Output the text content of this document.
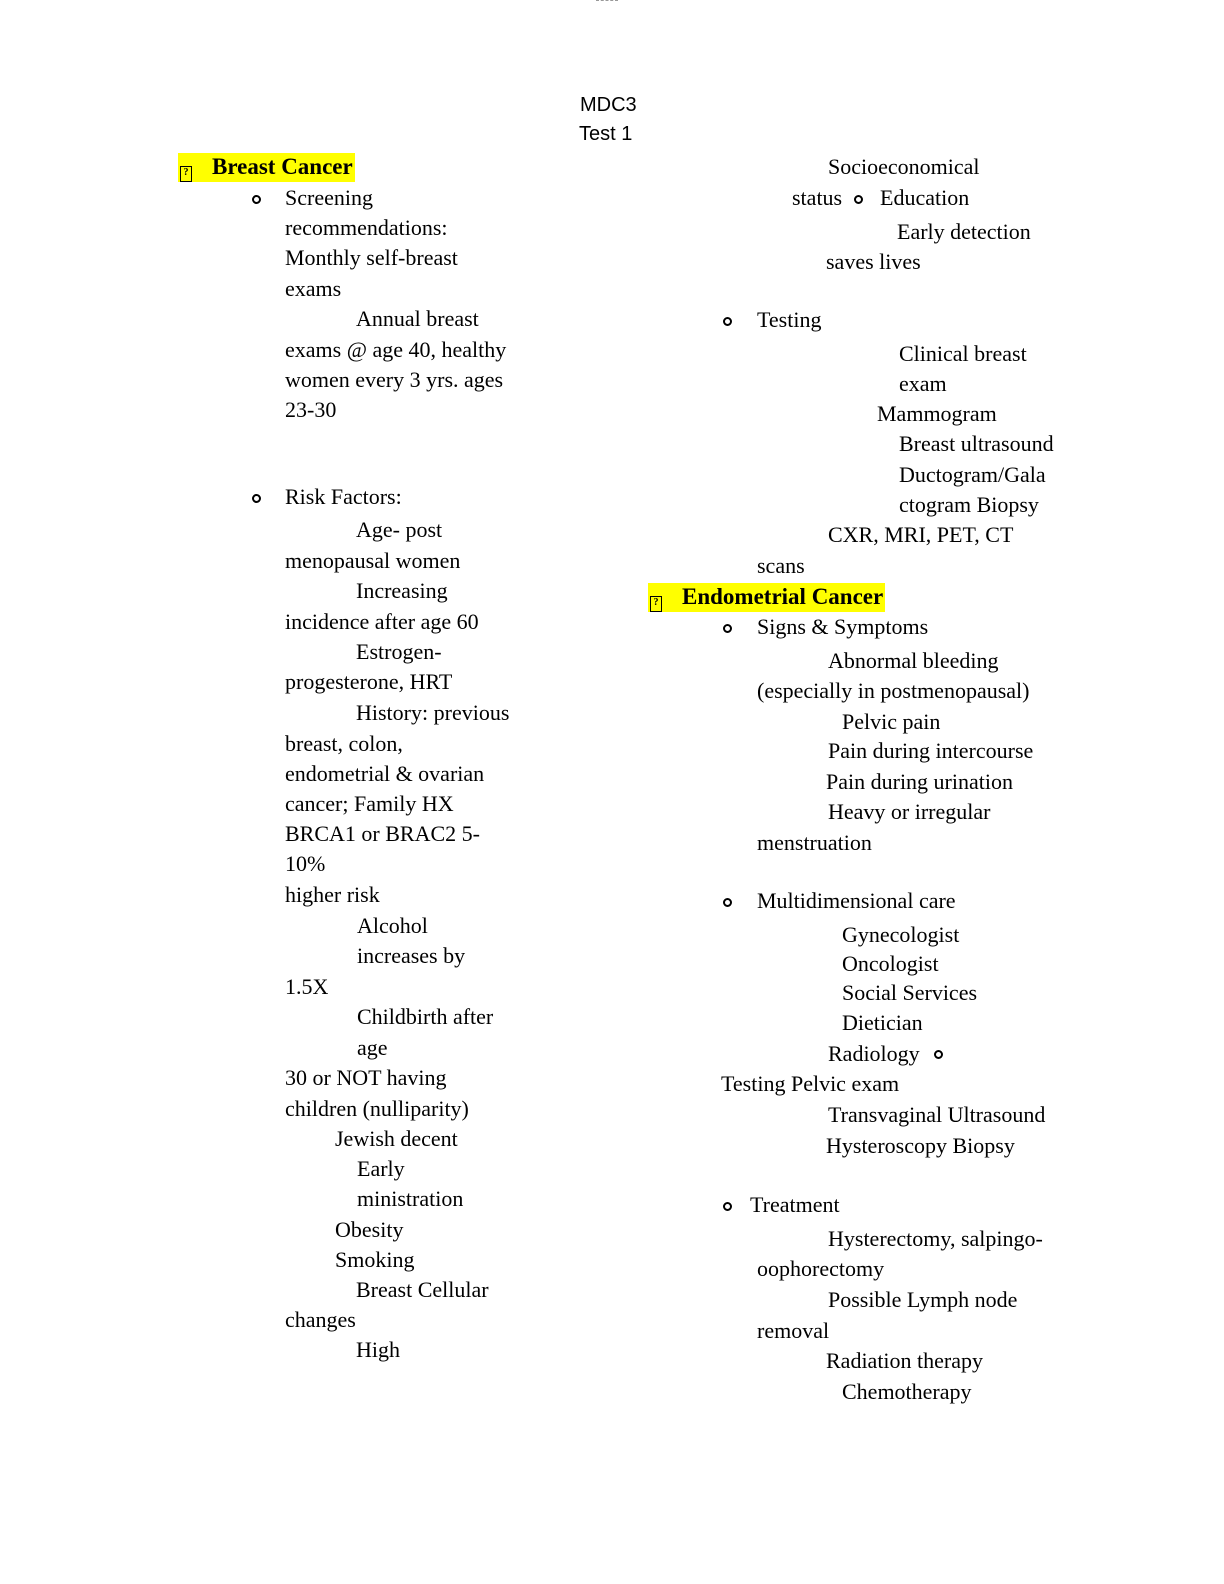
MDC3
Test 1
? Breast Cancer
Screening
recommendations:
Monthly self-breast
exams
Annual breast
exams @ age 40, healthy
women every 3 yrs. ages
23-30
Risk Factors:
Age- post
menopausal women
Increasing
incidence after age 60
Estrogen-
progesterone, HRT
History: previous
breast, colon,
endometrial & ovarian
cancer; Family HX
BRCA1 or BRAC2 5-
10%
higher risk
Alcohol
increases by
1.5X
Childbirth after
age
30 or NOT having
children (nulliparity)
Jewish decent
Early
ministration
Obesity
Smoking
Breast Cellular
changes
High
Socioeconomical
status Education
Early detection
saves lives
Testing
Clinical breast
exam
Mammogram
Breast ultrasound
Ductogram/Gala
ctogram Biopsy
CXR, MRI, PET, CT
scans
? Endometrial Cancer
Signs & Symptoms
Abnormal bleeding
(especially in postmenopausal)
Pelvic pain
Pain during intercourse
Pain during urination
Heavy or irregular
menstruation
Multidimensional care
Gynecologist
Oncologist
Social Services
Dietician
Radiology
Testing Pelvic exam
Transvaginal Ultrasound
Hysteroscopy Biopsy
Treatment
Hysterectomy, salpingo-
oophorectomy
Possible Lymph node
removal
Radiation therapy
Chemotherapy
